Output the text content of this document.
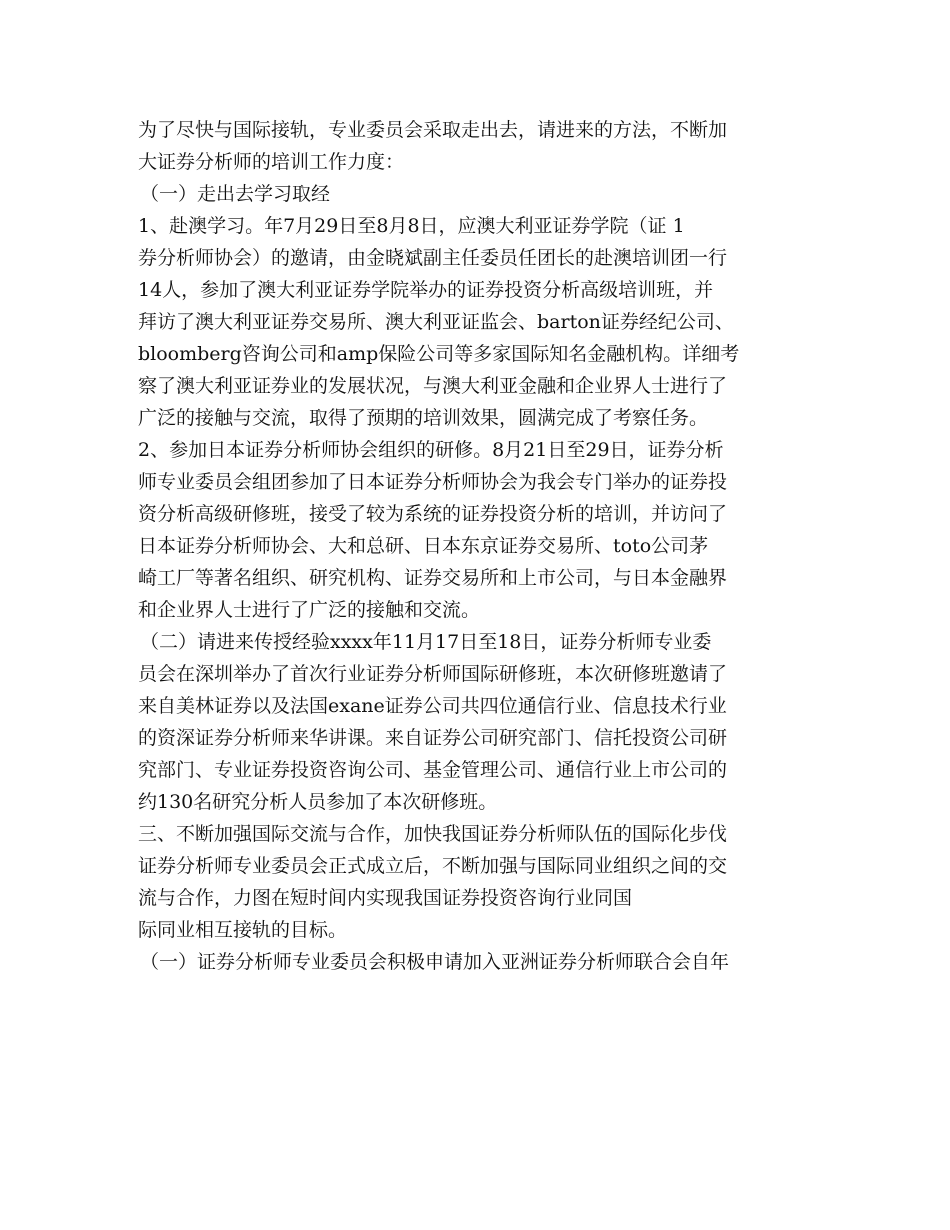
为了尽快与国际接轨，专业委员会采取走出去，请进来的方法，不断加
大证券分析师的培训工作力度：
（一）走出去学习取经
1、赴澳学习。年7月29日至8月8日，应澳大利亚证券学院（证 1
券分析师协会）的邀请，由金晓斌副主任委员任团长的赴澳培训团一行
14人，参加了澳大利亚证券学院举办的证券投资分析高级培训班，并
拜访了澳大利亚证券交易所、澳大利亚证监会、barton证券经纪公司、
bloomberg咨询公司和amp保险公司等多家国际知名金融机构。详细考
察了澳大利亚证券业的发展状况，与澳大利亚金融和企业界人士进行了
广泛的接触与交流，取得了预期的培训效果，圆满完成了考察任务。
2、参加日本证券分析师协会组织的研修。8月21日至29日，证券分析
师专业委员会组团参加了日本证券分析师协会为我会专门举办的证券投
资分析高级研修班，接受了较为系统的证券投资分析的培训，并访问了
日本证券分析师协会、大和总研、日本东京证券交易所、toto公司茅
崎工厂等著名组织、研究机构、证券交易所和上市公司，与日本金融界
和企业界人士进行了广泛的接触和交流。
（二）请进来传授经验xxxx年11月17日至18日，证券分析师专业委
员会在深圳举办了首次行业证券分析师国际研修班，本次研修班邀请了
来自美林证券以及法国exane证券公司共四位通信行业、信息技术行业
的资深证券分析师来华讲课。来自证券公司研究部门、信托投资公司研
究部门、专业证券投资咨询公司、基金管理公司、通信行业上市公司的
约130名研究分析人员参加了本次研修班。
三、不断加强国际交流与合作，加快我国证券分析师队伍的国际化步伐
证券分析师专业委员会正式成立后，不断加强与国际同业组织之间的交
流与合作，力图在短时间内实现我国证券投资咨询行业同国
际同业相互接轨的目标。
（一）证券分析师专业委员会积极申请加入亚洲证券分析师联合会自年
